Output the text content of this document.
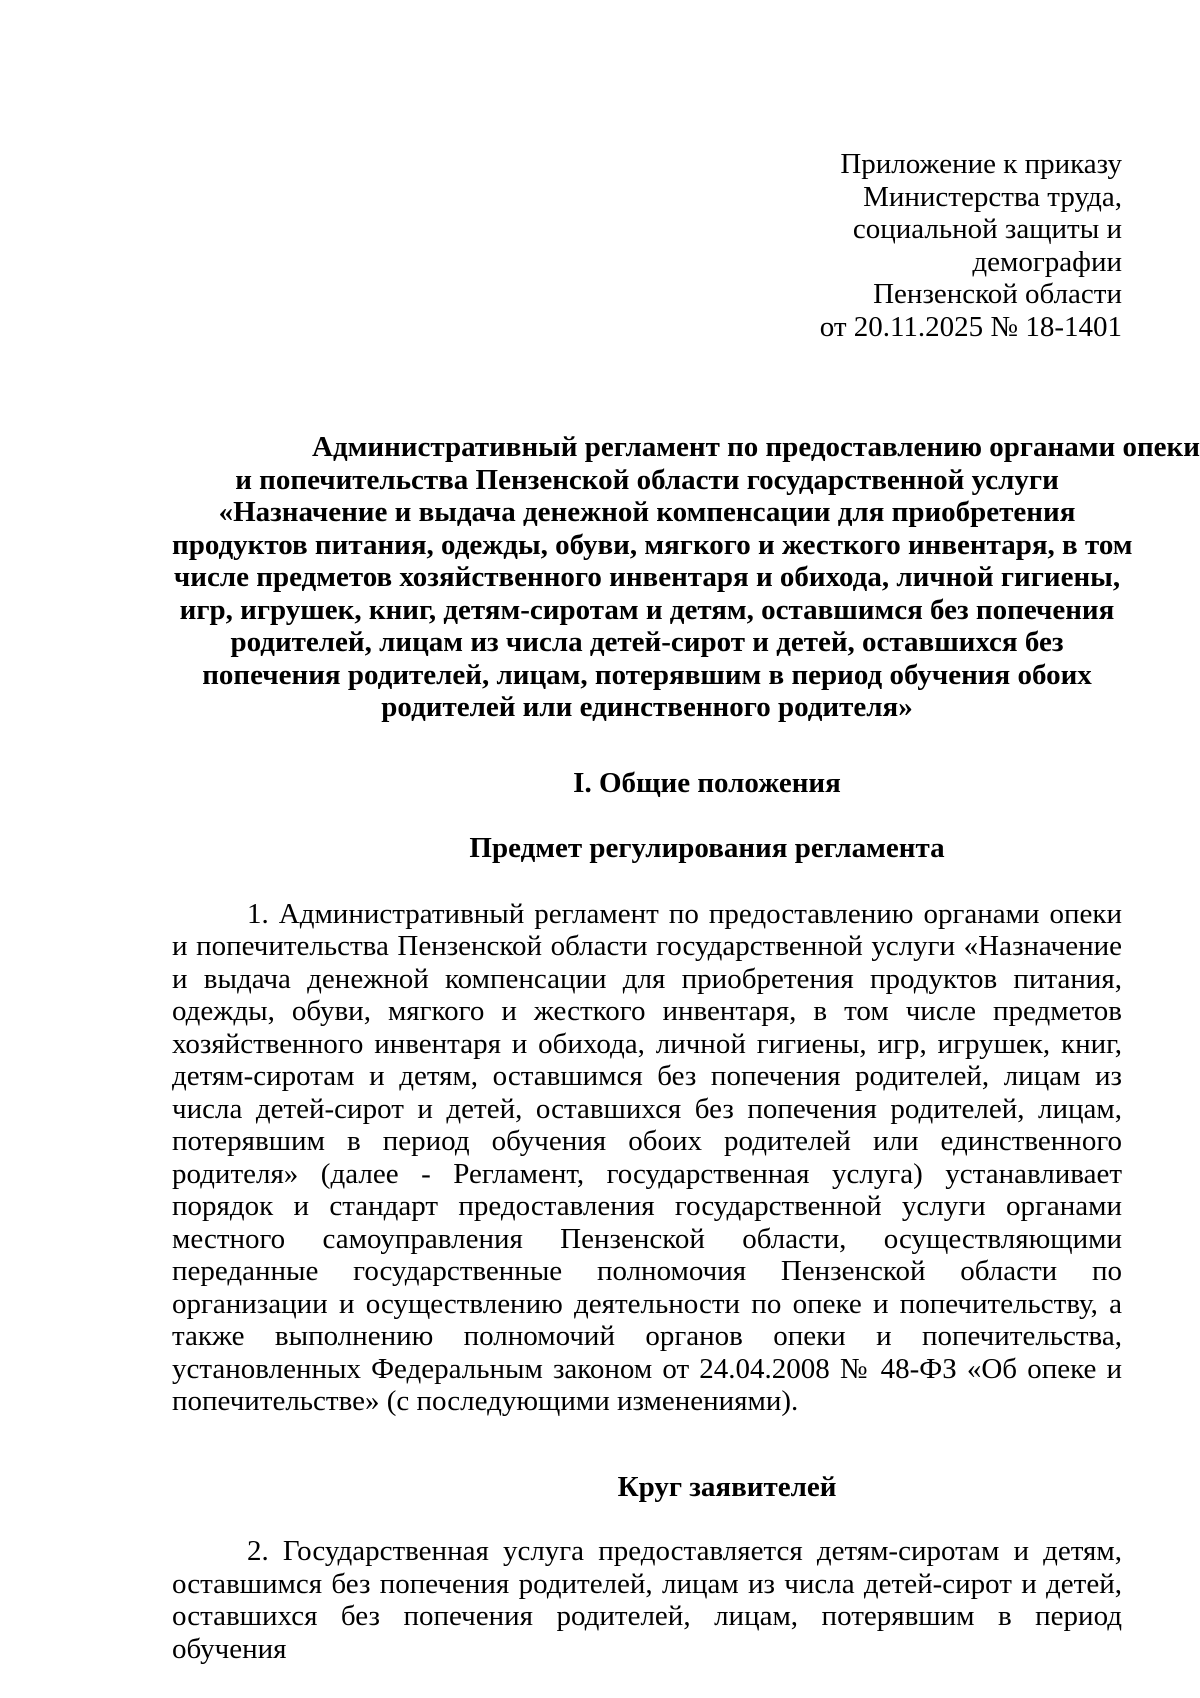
Приложение к приказу
Министерства труда,
социальной защиты и
демографии
Пензенской области
от 20.11.2025 № 18-1401
Административный регламент по предоставлению органами опеки
и попечительства Пензенской области государственной услуги
«Назначение и выдача денежной компенсации для приобретения
продуктов питания, одежды, обуви, мягкого и жесткого инвентаря, в том
числе предметов хозяйственного инвентаря и обихода, личной гигиены,
игр, игрушек, книг, детям-сиротам и детям, оставшимся без попечения
родителей, лицам из числа детей-сирот и детей, оставшихся без
попечения родителей, лицам, потерявшим в период обучения обоих
родителей или единственного родителя»
I. Общие положения
Предмет регулирования регламента
1. Административный регламент по предоставлению органами опеки и попечительства Пензенской области государственной услуги «Назначение и выдача денежной компенсации для приобретения продуктов питания, одежды, обуви, мягкого и жесткого инвентаря, в том числе предметов хозяйственного инвентаря и обихода, личной гигиены, игр, игрушек, книг, детям-сиротам и детям, оставшимся без попечения родителей, лицам из числа детей-сирот и детей, оставшихся без попечения родителей, лицам, потерявшим в период обучения обоих родителей или единственного родителя» (далее - Регламент, государственная услуга) устанавливает порядок и стандарт предоставления государственной услуги органами местного самоуправления Пензенской области, осуществляющими переданные государственные полномочия Пензенской области по организации и осуществлению деятельности по опеке и попечительству, а также выполнению полномочий органов опеки и попечительства, установленных Федеральным законом от 24.04.2008 № 48-ФЗ «Об опеке и попечительстве» (с последующими изменениями).
Круг заявителей
2. Государственная услуга предоставляется детям-сиротам и детям, оставшимся без попечения родителей, лицам из числа детей-сирот и детей, оставшихся без попечения родителей, лицам, потерявшим в период обучения
